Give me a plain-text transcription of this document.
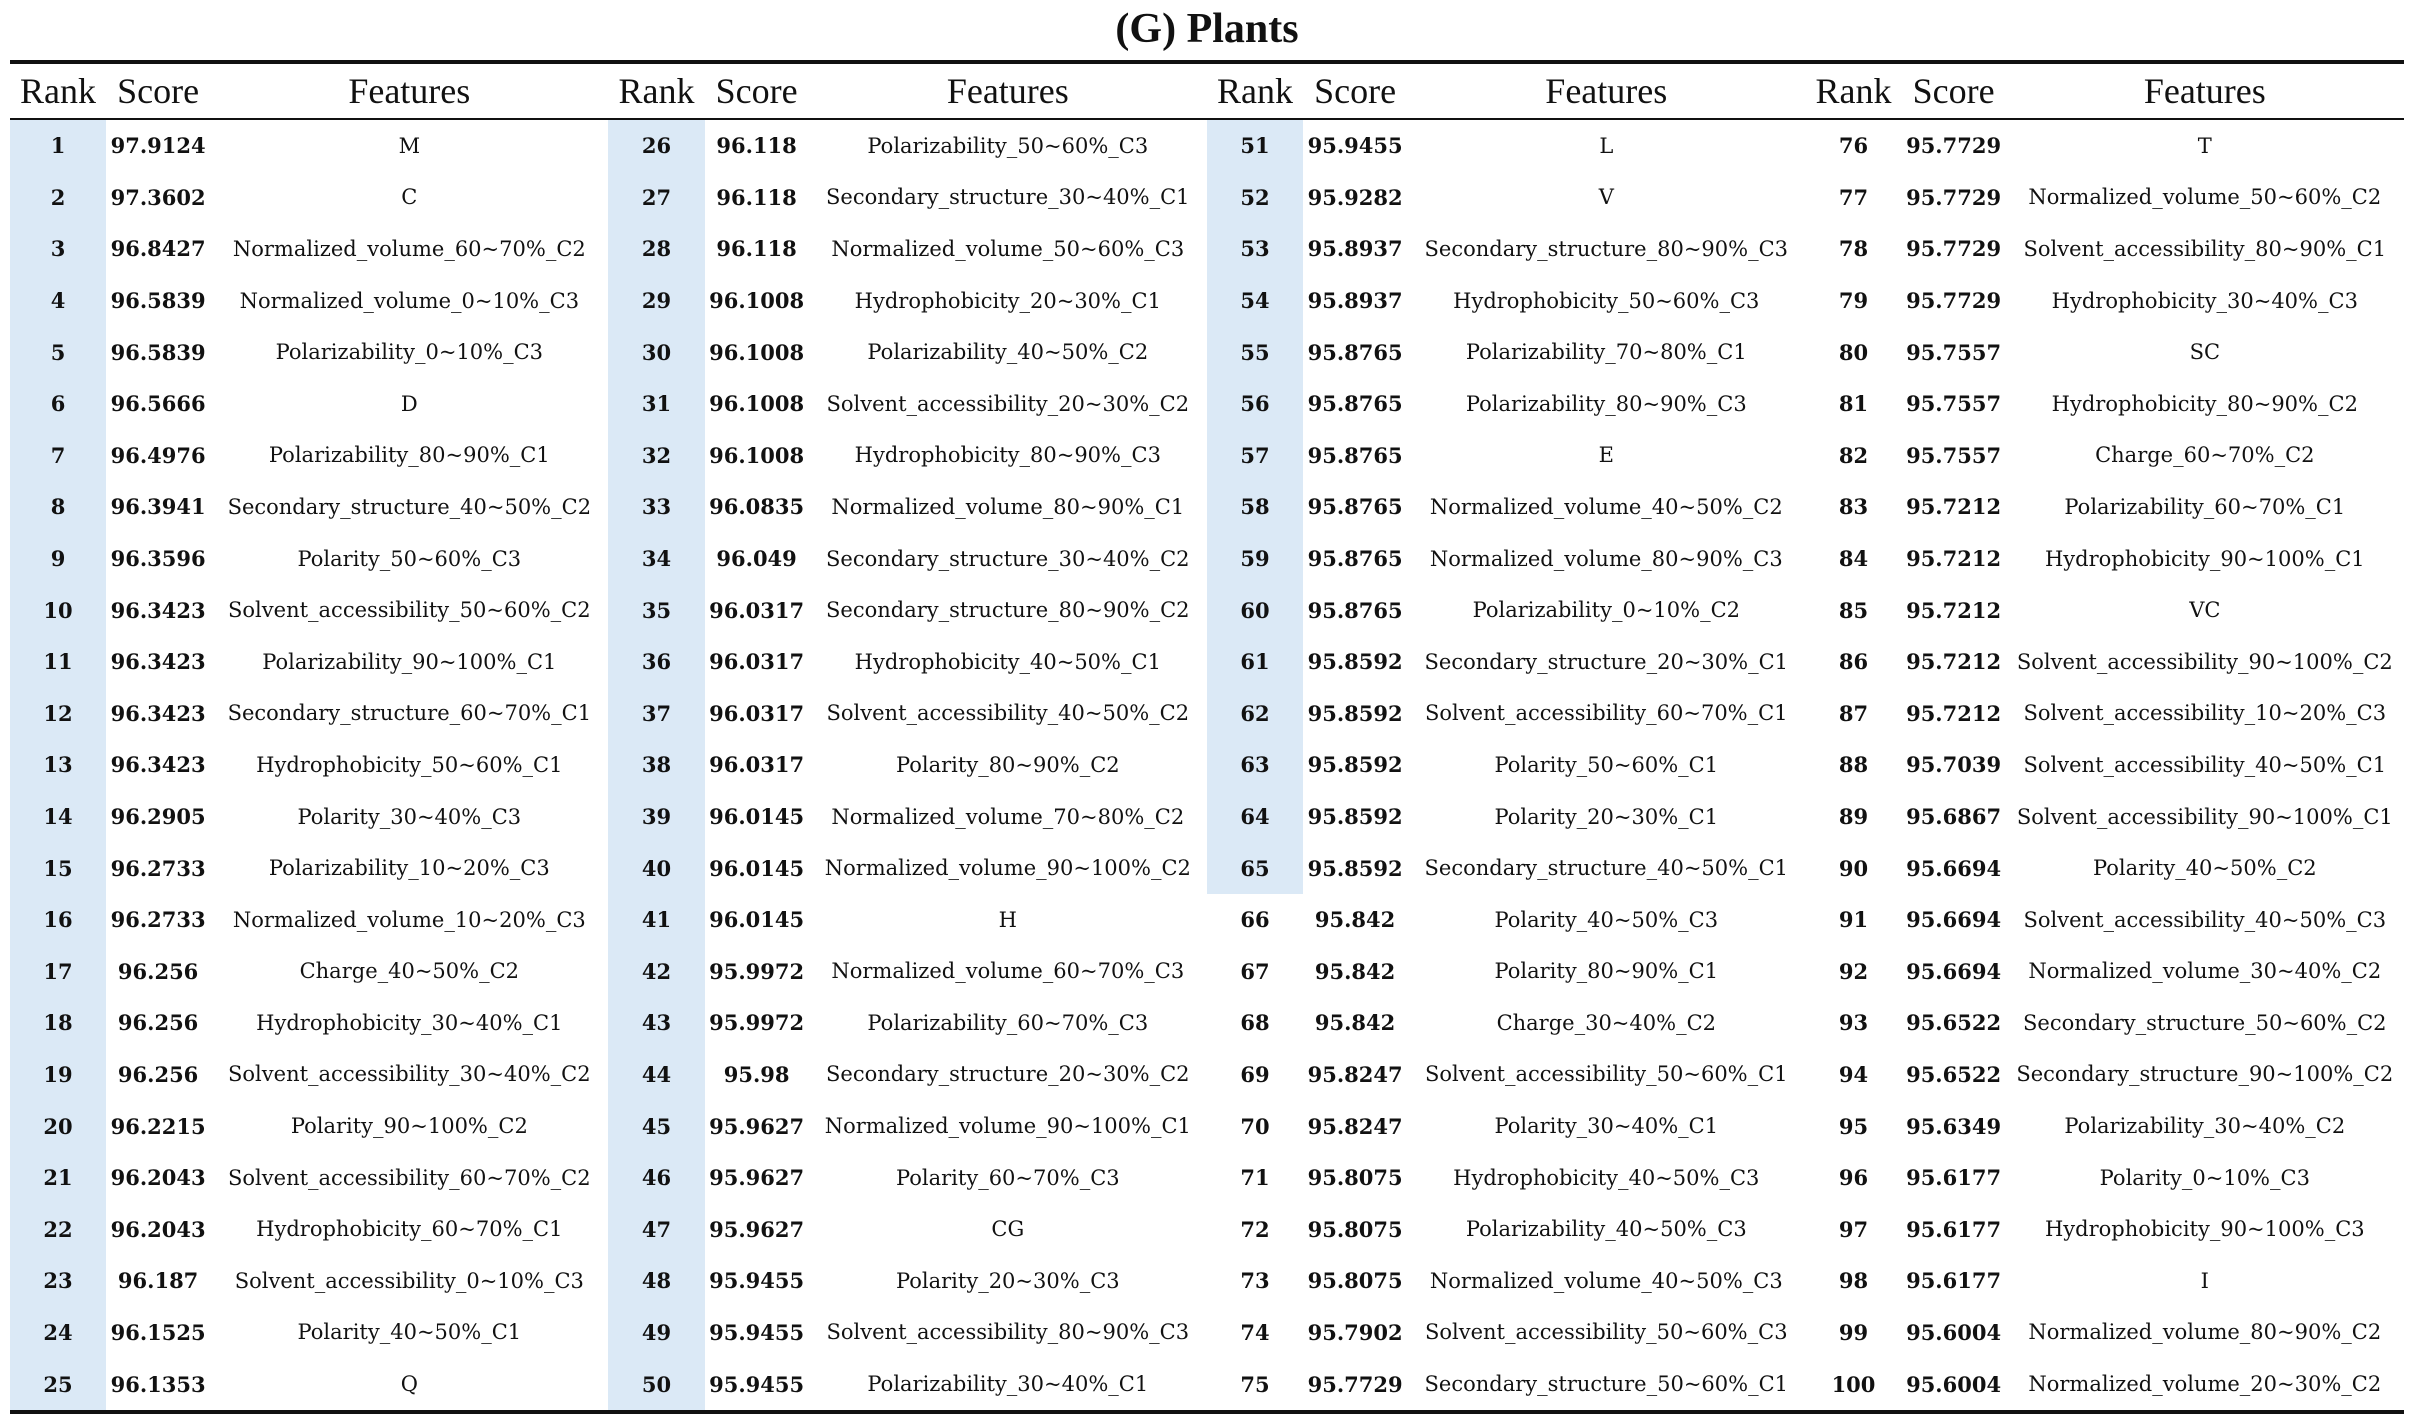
(G) Plants
Rank	Score	Features	Rank	Score	Features	Rank	Score	Features	Rank	Score	Features
1	97.9124	M	26	96.118	Polarizability_50~60%_C3	51	95.9455	L	76	95.7729	T
2	97.3602	C	27	96.118	Secondary_structure_30~40%_C1	52	95.9282	V	77	95.7729	Normalized_volume_50~60%_C2
3	96.8427	Normalized_volume_60~70%_C2	28	96.118	Normalized_volume_50~60%_C3	53	95.8937	Secondary_structure_80~90%_C3	78	95.7729	Solvent_accessibility_80~90%_C1
4	96.5839	Normalized_volume_0~10%_C3	29	96.1008	Hydrophobicity_20~30%_C1	54	95.8937	Hydrophobicity_50~60%_C3	79	95.7729	Hydrophobicity_30~40%_C3
5	96.5839	Polarizability_0~10%_C3	30	96.1008	Polarizability_40~50%_C2	55	95.8765	Polarizability_70~80%_C1	80	95.7557	SC
6	96.5666	D	31	96.1008	Solvent_accessibility_20~30%_C2	56	95.8765	Polarizability_80~90%_C3	81	95.7557	Hydrophobicity_80~90%_C2
7	96.4976	Polarizability_80~90%_C1	32	96.1008	Hydrophobicity_80~90%_C3	57	95.8765	E	82	95.7557	Charge_60~70%_C2
8	96.3941	Secondary_structure_40~50%_C2	33	96.0835	Normalized_volume_80~90%_C1	58	95.8765	Normalized_volume_40~50%_C2	83	95.7212	Polarizability_60~70%_C1
9	96.3596	Polarity_50~60%_C3	34	96.049	Secondary_structure_30~40%_C2	59	95.8765	Normalized_volume_80~90%_C3	84	95.7212	Hydrophobicity_90~100%_C1
10	96.3423	Solvent_accessibility_50~60%_C2	35	96.0317	Secondary_structure_80~90%_C2	60	95.8765	Polarizability_0~10%_C2	85	95.7212	VC
11	96.3423	Polarizability_90~100%_C1	36	96.0317	Hydrophobicity_40~50%_C1	61	95.8592	Secondary_structure_20~30%_C1	86	95.7212	Solvent_accessibility_90~100%_C2
12	96.3423	Secondary_structure_60~70%_C1	37	96.0317	Solvent_accessibility_40~50%_C2	62	95.8592	Solvent_accessibility_60~70%_C1	87	95.7212	Solvent_accessibility_10~20%_C3
13	96.3423	Hydrophobicity_50~60%_C1	38	96.0317	Polarity_80~90%_C2	63	95.8592	Polarity_50~60%_C1	88	95.7039	Solvent_accessibility_40~50%_C1
14	96.2905	Polarity_30~40%_C3	39	96.0145	Normalized_volume_70~80%_C2	64	95.8592	Polarity_20~30%_C1	89	95.6867	Solvent_accessibility_90~100%_C1
15	96.2733	Polarizability_10~20%_C3	40	96.0145	Normalized_volume_90~100%_C2	65	95.8592	Secondary_structure_40~50%_C1	90	95.6694	Polarity_40~50%_C2
16	96.2733	Normalized_volume_10~20%_C3	41	96.0145	H	66	95.842	Polarity_40~50%_C3	91	95.6694	Solvent_accessibility_40~50%_C3
17	96.256	Charge_40~50%_C2	42	95.9972	Normalized_volume_60~70%_C3	67	95.842	Polarity_80~90%_C1	92	95.6694	Normalized_volume_30~40%_C2
18	96.256	Hydrophobicity_30~40%_C1	43	95.9972	Polarizability_60~70%_C3	68	95.842	Charge_30~40%_C2	93	95.6522	Secondary_structure_50~60%_C2
19	96.256	Solvent_accessibility_30~40%_C2	44	95.98	Secondary_structure_20~30%_C2	69	95.8247	Solvent_accessibility_50~60%_C1	94	95.6522	Secondary_structure_90~100%_C2
20	96.2215	Polarity_90~100%_C2	45	95.9627	Normalized_volume_90~100%_C1	70	95.8247	Polarity_30~40%_C1	95	95.6349	Polarizability_30~40%_C2
21	96.2043	Solvent_accessibility_60~70%_C2	46	95.9627	Polarity_60~70%_C3	71	95.8075	Hydrophobicity_40~50%_C3	96	95.6177	Polarity_0~10%_C3
22	96.2043	Hydrophobicity_60~70%_C1	47	95.9627	CG	72	95.8075	Polarizability_40~50%_C3	97	95.6177	Hydrophobicity_90~100%_C3
23	96.187	Solvent_accessibility_0~10%_C3	48	95.9455	Polarity_20~30%_C3	73	95.8075	Normalized_volume_40~50%_C3	98	95.6177	I
24	96.1525	Polarity_40~50%_C1	49	95.9455	Solvent_accessibility_80~90%_C3	74	95.7902	Solvent_accessibility_50~60%_C3	99	95.6004	Normalized_volume_80~90%_C2
25	96.1353	Q	50	95.9455	Polarizability_30~40%_C1	75	95.7729	Secondary_structure_50~60%_C1	100	95.6004	Normalized_volume_20~30%_C2
